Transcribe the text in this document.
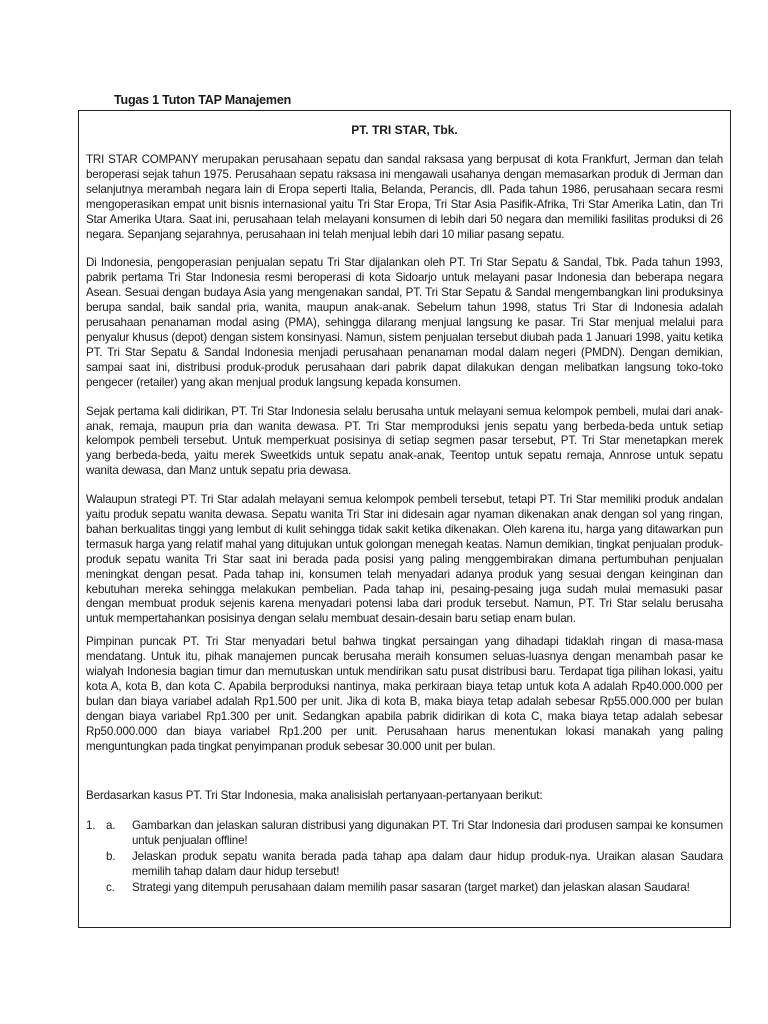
Tugas 1 Tuton TAP Manajemen
PT. TRI STAR, Tbk.

TRI STAR COMPANY merupakan perusahaan sepatu dan sandal raksasa yang berpusat di kota Frankfurt, Jerman dan telah beroperasi sejak tahun 1975. Perusahaan sepatu raksasa ini mengawali usahanya dengan memasarkan produk di Jerman dan selanjutnya merambah negara lain di Eropa seperti Italia, Belanda, Perancis, dll. Pada tahun 1986, perusahaan secara resmi mengoperasikan empat unit bisnis internasional yaitu Tri Star Eropa, Tri Star Asia Pasifik-Afrika, Tri Star Amerika Latin, dan Tri Star Amerika Utara. Saat ini, perusahaan telah melayani konsumen di lebih dari 50 negara dan memiliki fasilitas produksi di 26 negara. Sepanjang sejarahnya, perusahaan ini telah menjual lebih dari 10 miliar pasang sepatu.

Di Indonesia, pengoperasian penjualan sepatu Tri Star dijalankan oleh PT. Tri Star Sepatu & Sandal, Tbk. Pada tahun 1993, pabrik pertama Tri Star Indonesia resmi beroperasi di kota Sidoarjo untuk melayani pasar Indonesia dan beberapa negara Asean. Sesuai dengan budaya Asia yang mengenakan sandal, PT. Tri Star Sepatu & Sandal mengembangkan lini produksinya berupa sandal, baik sandal pria, wanita, maupun anak-anak. Sebelum tahun 1998, status Tri Star di Indonesia adalah perusahaan penanaman modal asing (PMA), sehingga dilarang menjual langsung ke pasar. Tri Star menjual melalui para penyalur khusus (depot) dengan sistem konsinyasi. Namun, sistem penjualan tersebut diubah pada 1 Januari 1998, yaitu ketika PT. Tri Star Sepatu & Sandal Indonesia menjadi perusahaan penanaman modal dalam negeri (PMDN). Dengan demikian, sampai saat ini, distribusi produk-produk perusahaan dari pabrik dapat dilakukan dengan melibatkan langsung toko-toko pengecer (retailer) yang akan menjual produk langsung kepada konsumen.

Sejak pertama kali didirikan, PT. Tri Star Indonesia selalu berusaha untuk melayani semua kelompok pembeli, mulai dari anak-anak, remaja, maupun pria dan wanita dewasa. PT. Tri Star memproduksi jenis sepatu yang berbeda-beda untuk setiap kelompok pembeli tersebut. Untuk memperkuat posisinya di setiap segmen pasar tersebut, PT. Tri Star menetapkan merek yang berbeda-beda, yaitu merek Sweetkids untuk sepatu anak-anak, Teentop untuk sepatu remaja, Annrose untuk sepatu wanita dewasa, dan Manz untuk sepatu pria dewasa.

Walaupun strategi PT. Tri Star adalah melayani semua kelompok pembeli tersebut, tetapi PT. Tri Star memiliki produk andalan yaitu produk sepatu wanita dewasa. Sepatu wanita Tri Star ini didesain agar nyaman dikenakan anak dengan sol yang ringan, bahan berkualitas tinggi yang lembut di kulit sehingga tidak sakit ketika dikenakan. Oleh karena itu, harga yang ditawarkan pun termasuk harga yang relatif mahal yang ditujukan untuk golongan menegah keatas. Namun demikian, tingkat penjualan produk-produk sepatu wanita Tri Star saat ini berada pada posisi yang paling menggembirakan dimana pertumbuhan penjualan meningkat dengan pesat. Pada tahap ini, konsumen telah menyadari adanya produk yang sesuai dengan keinginan dan kebutuhan mereka sehingga melakukan pembelian. Pada tahap ini, pesaing-pesaing juga sudah mulai memasuki pasar dengan membuat produk sejenis karena menyadari potensi laba dari produk tersebut. Namun, PT. Tri Star selalu berusaha untuk mempertahankan posisinya dengan selalu membuat desain-desain baru setiap enam bulan.

Pimpinan puncak PT. Tri Star menyadari betul bahwa tingkat persaingan yang dihadapi tidaklah ringan di masa-masa mendatang. Untuk itu, pihak manajemen puncak berusaha meraih konsumen seluas-luasnya dengan menambah pasar ke wialyah Indonesia bagian timur dan memutuskan untuk mendirikan satu pusat distribusi baru. Terdapat tiga pilihan lokasi, yaitu kota A, kota B, dan kota C. Apabila berproduksi nantinya, maka perkiraan biaya tetap untuk kota A adalah Rp40.000.000 per bulan dan biaya variabel adalah Rp1.500 per unit. Jika di kota B, maka biaya tetap adalah sebesar Rp55.000.000 per bulan dengan biaya variabel Rp1.300 per unit. Sedangkan apabila pabrik didirikan di kota C, maka biaya tetap adalah sebesar Rp50.000.000 dan biaya variabel Rp1.200 per unit. Perusahaan harus menentukan lokasi manakah yang paling menguntungkan pada tingkat penyimpanan produk sebesar 30.000 unit per bulan.

Berdasarkan kasus PT. Tri Star Indonesia, maka analisislah pertanyaan-pertanyaan berikut:

1. a.	Gambarkan dan jelaskan saluran distribusi yang digunakan PT. Tri Star Indonesia dari produsen sampai ke konsumen untuk penjualan offline!
b.	Jelaskan produk sepatu wanita berada pada tahap apa dalam daur hidup produk-nya. Uraikan alasan Saudara memilih tahap dalam daur hidup tersebut!
c.	Strategi yang ditempuh perusahaan dalam memilih pasar sasaran (target market) dan jelaskan alasan Saudara!
